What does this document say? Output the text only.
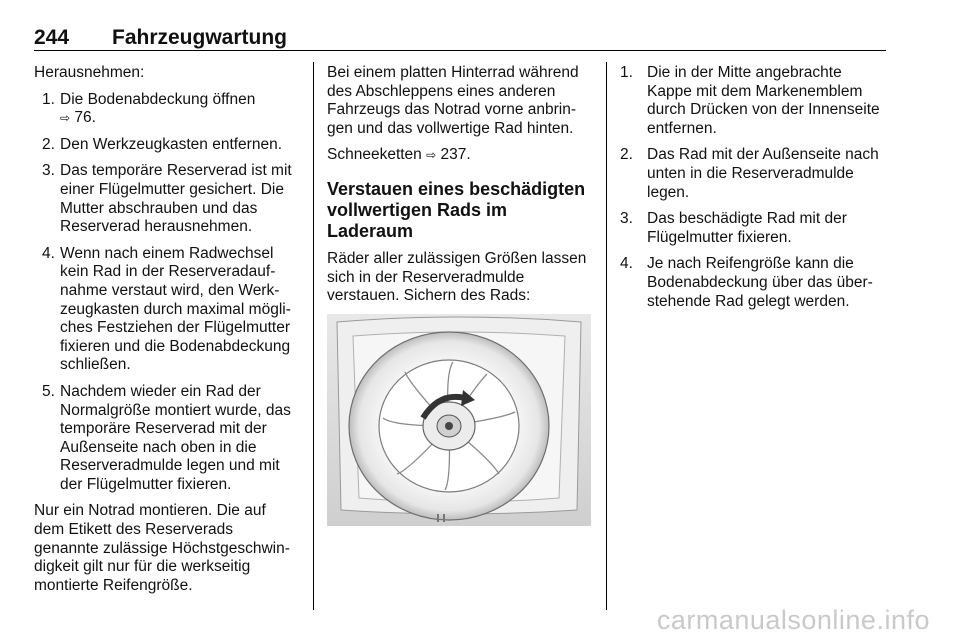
244 Fahrzeugwartung

Herausnehmen:

1. Die Bodenabdeckung öffnen
⇨ 76.
2. Den Werkzeugkasten entfernen.
3. Das temporäre Reserverad ist mit einer Flügelmutter gesichert. Die Mutter abschrauben und das Reserverad herausnehmen.
4. Wenn nach einem Radwechsel kein Rad in der Reserveradaufnahme verstaut wird, den Werkzeugkasten durch maximal mögliches Festziehen der Flügelmutter fixieren und die Bodenabdeckung schließen.
5. Nachdem wieder ein Rad der Normalgröße montiert wurde, das temporäre Reserverad mit der Außenseite nach oben in die Reserveradmulde legen und mit der Flügelmutter fixieren.

Nur ein Notrad montieren. Die auf dem Etikett des Reserverads genannte zulässige Höchstgeschwindigkeit gilt nur für die werkseitig montierte Reifengröße.

Bei einem platten Hinterrad während des Abschleppens eines anderen Fahrzeugs das Notrad vorne anbringen und das vollwertige Rad hinten.

Schneeketten ⇨ 237.

Verstauen eines beschädigten vollwertigen Rads im Laderaum

Räder aller zulässigen Größen lassen sich in der Reserveradmulde verstauen. Sichern des Rads:

1. Die in der Mitte angebrachte Kappe mit dem Markenemblem durch Drücken von der Innenseite entfernen.
2. Das Rad mit der Außenseite nach unten in die Reserveradmulde legen.
3. Das beschädigte Rad mit der Flügelmutter fixieren.
4. Je nach Reifengröße kann die Bodenabdeckung über das überstehende Rad gelegt werden.
carmanualsonline.info
